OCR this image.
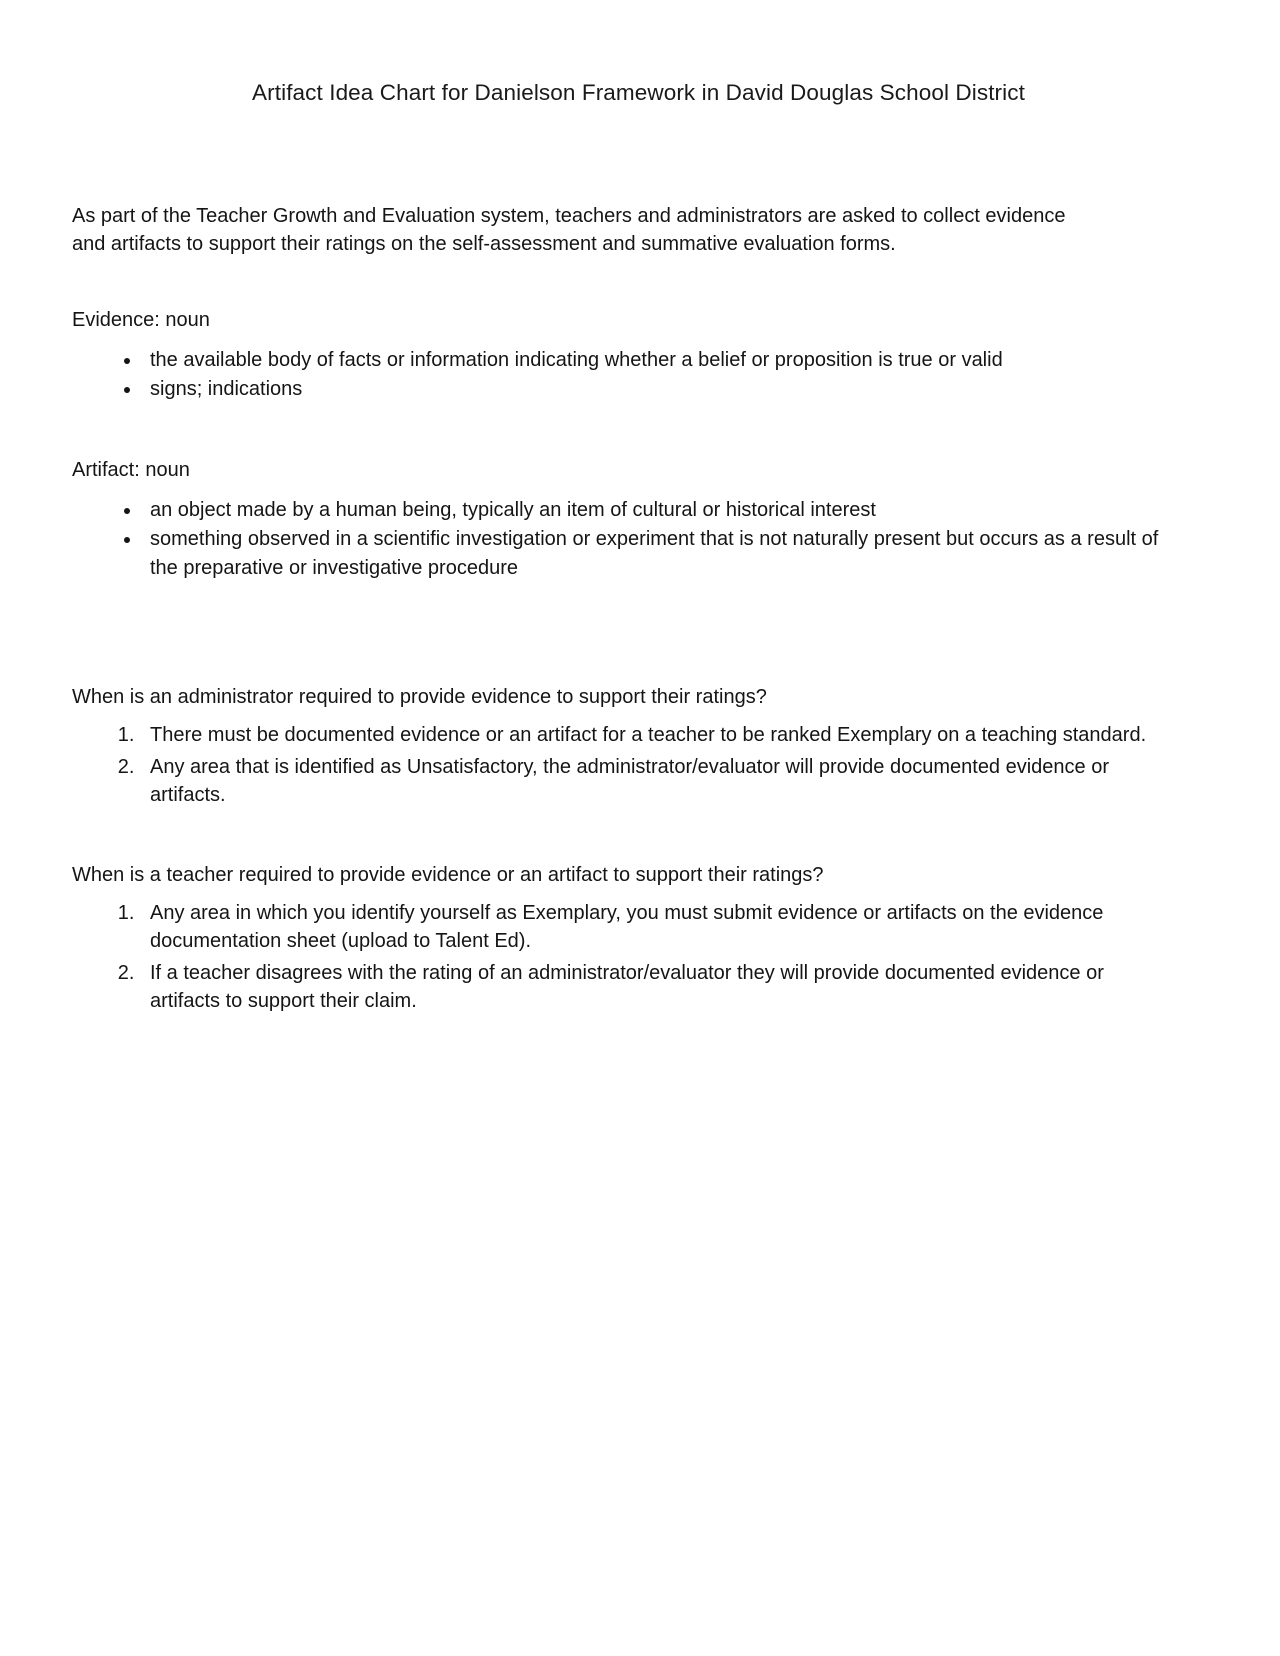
Artifact Idea Chart for Danielson Framework in David Douglas School District

As part of the Teacher Growth and Evaluation system, teachers and administrators are asked to collect evidence and artifacts to support their ratings on the self-assessment and summative evaluation forms.

Evidence: noun

• the available body of facts or information indicating whether a belief or proposition is true or valid
• signs; indications

Artifact: noun

• an object made by a human being, typically an item of cultural or historical interest
• something observed in a scientific investigation or experiment that is not naturally present but occurs as a result of the preparative or investigative procedure

When is an administrator required to provide evidence to support their ratings?

1. There must be documented evidence or an artifact for a teacher to be ranked Exemplary on a teaching standard.
2. Any area that is identified as Unsatisfactory, the administrator/evaluator will provide documented evidence or artifacts.

When is a teacher required to provide evidence or an artifact to support their ratings?

1. Any area in which you identify yourself as Exemplary, you must submit evidence or artifacts on the evidence documentation sheet (upload to Talent Ed).
2. If a teacher disagrees with the rating of an administrator/evaluator they will provide documented evidence or artifacts to support their claim.
